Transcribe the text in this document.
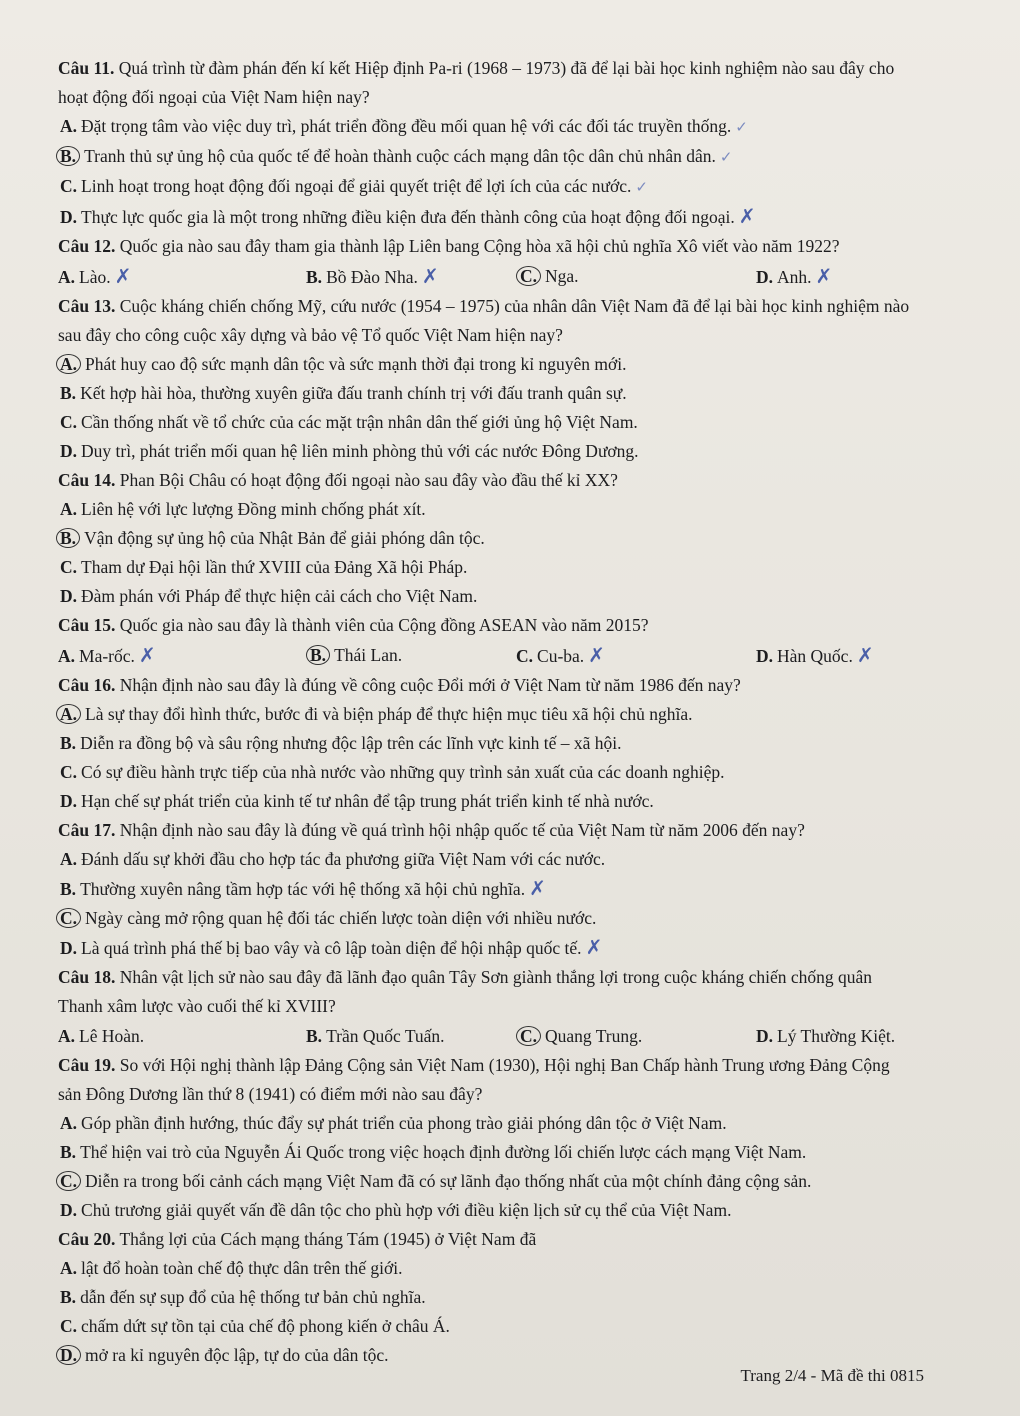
Câu 11. Quá trình từ đàm phán đến kí kết Hiệp định Pa-ri (1968 – 1973) đã để lại bài học kinh nghiệm nào sau đây cho hoạt động đối ngoại của Việt Nam hiện nay?

A. Đặt trọng tâm vào việc duy trì, phát triển đồng đều mối quan hệ với các đối tác truyền thống. ✓

B. Tranh thủ sự ủng hộ của quốc tế để hoàn thành cuộc cách mạng dân tộc dân chủ nhân dân. ✓

C. Linh hoạt trong hoạt động đối ngoại để giải quyết triệt để lợi ích của các nước. ✓

D. Thực lực quốc gia là một trong những điều kiện đưa đến thành công của hoạt động đối ngoại. ✗

Câu 12. Quốc gia nào sau đây tham gia thành lập Liên bang Cộng hòa xã hội chủ nghĩa Xô viết vào năm 1922?

A. Lào. ✗	B. Bồ Đào Nha. ✗	C. Nga.	D. Anh. ✗

Câu 13. Cuộc kháng chiến chống Mỹ, cứu nước (1954 – 1975) của nhân dân Việt Nam đã để lại bài học kinh nghiệm nào sau đây cho công cuộc xây dựng và bảo vệ Tổ quốc Việt Nam hiện nay?

A. Phát huy cao độ sức mạnh dân tộc và sức mạnh thời đại trong kỉ nguyên mới.

B. Kết hợp hài hòa, thường xuyên giữa đấu tranh chính trị với đấu tranh quân sự.

C. Cần thống nhất về tổ chức của các mặt trận nhân dân thế giới ủng hộ Việt Nam.

D. Duy trì, phát triển mối quan hệ liên minh phòng thủ với các nước Đông Dương.

Câu 14. Phan Bội Châu có hoạt động đối ngoại nào sau đây vào đầu thế kỉ XX?

A. Liên hệ với lực lượng Đồng minh chống phát xít.

B. Vận động sự ủng hộ của Nhật Bản để giải phóng dân tộc.

C. Tham dự Đại hội lần thứ XVIII của Đảng Xã hội Pháp.

D. Đàm phán với Pháp để thực hiện cải cách cho Việt Nam.

Câu 15. Quốc gia nào sau đây là thành viên của Cộng đồng ASEAN vào năm 2015?

A. Ma-rốc. ✗	B. Thái Lan.	C. Cu-ba. ✗	D. Hàn Quốc. ✗

Câu 16. Nhận định nào sau đây là đúng về công cuộc Đổi mới ở Việt Nam từ năm 1986 đến nay?

A. Là sự thay đổi hình thức, bước đi và biện pháp để thực hiện mục tiêu xã hội chủ nghĩa.

B. Diễn ra đồng bộ và sâu rộng nhưng độc lập trên các lĩnh vực kinh tế – xã hội.

C. Có sự điều hành trực tiếp của nhà nước vào những quy trình sản xuất của các doanh nghiệp.

D. Hạn chế sự phát triển của kinh tế tư nhân để tập trung phát triển kinh tế nhà nước.

Câu 17. Nhận định nào sau đây là đúng về quá trình hội nhập quốc tế của Việt Nam từ năm 2006 đến nay?

A. Đánh dấu sự khởi đầu cho hợp tác đa phương giữa Việt Nam với các nước.

B. Thường xuyên nâng tầm hợp tác với hệ thống xã hội chủ nghĩa. ✗

C. Ngày càng mở rộng quan hệ đối tác chiến lược toàn diện với nhiều nước.

D. Là quá trình phá thế bị bao vây và cô lập toàn diện để hội nhập quốc tế. ✗

Câu 18. Nhân vật lịch sử nào sau đây đã lãnh đạo quân Tây Sơn giành thắng lợi trong cuộc kháng chiến chống quân Thanh xâm lược vào cuối thế kỉ XVIII?

A. Lê Hoàn.	B. Trần Quốc Tuấn.	C. Quang Trung.	D. Lý Thường Kiệt.

Câu 19. So với Hội nghị thành lập Đảng Cộng sản Việt Nam (1930), Hội nghị Ban Chấp hành Trung ương Đảng Cộng sản Đông Dương lần thứ 8 (1941) có điểm mới nào sau đây?

A. Góp phần định hướng, thúc đẩy sự phát triển của phong trào giải phóng dân tộc ở Việt Nam.

B. Thể hiện vai trò của Nguyễn Ái Quốc trong việc hoạch định đường lối chiến lược cách mạng Việt Nam.

C. Diễn ra trong bối cảnh cách mạng Việt Nam đã có sự lãnh đạo thống nhất của một chính đảng cộng sản.

D. Chủ trương giải quyết vấn đề dân tộc cho phù hợp với điều kiện lịch sử cụ thể của Việt Nam.

Câu 20. Thắng lợi của Cách mạng tháng Tám (1945) ở Việt Nam đã

A. lật đổ hoàn toàn chế độ thực dân trên thế giới.

B. dẫn đến sự sụp đổ của hệ thống tư bản chủ nghĩa.

C. chấm dứt sự tồn tại của chế độ phong kiến ở châu Á.

D. mở ra kỉ nguyên độc lập, tự do của dân tộc.

Trang 2/4 - Mã đề thi 0815
